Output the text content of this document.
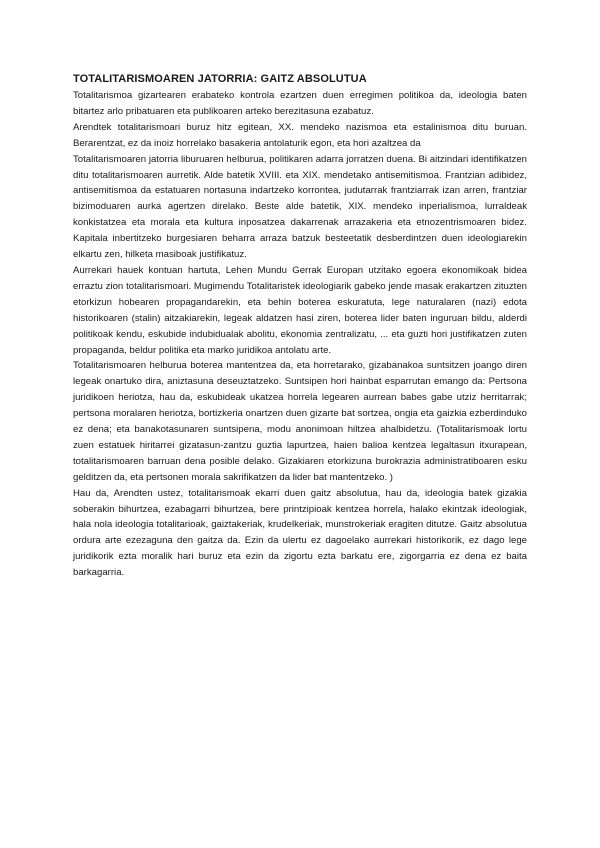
TOTALITARISMOAREN JATORRIA: GAITZ ABSOLUTUA

Totalitarismoa gizartearen erabateko kontrola ezartzen duen erregimen politikoa da, ideologia baten bitartez arlo pribatuaren eta publikoaren arteko berezitasuna ezabatuz.

Arendtek totalitarismoari buruz hitz egitean, XX. mendeko nazismoa eta estalinismoa ditu buruan. Berarentzat, ez da inoiz horrelako basakeria antolaturik egon, eta hori azaltzea da

Totalitarismoaren jatorria liburuaren helburua, politikaren adarra jorratzen duena. Bi aitzindari identifikatzen ditu totalitarismoaren aurretik. Alde batetik XVIII. eta XIX. mendetako antisemitismoa. Frantzian adibidez, antisemitismoa da estatuaren nortasuna indartzeko korrontea, judutarrak frantziarrak izan arren, frantziar bizimoduaren aurka agertzen direlako. Beste alde batetik, XIX. mendeko inperialismoa, lurraldeak konkistatzea eta morala eta kultura inposatzea dakarrenak arrazakeria eta etnozentrismoaren bidez. Kapitala inbertitzeko burgesiaren beharra arraza batzuk besteetatik desberdintzen duen ideologiarekin elkartu zen, hilketa masiboak justifikatuz.

Aurrekari hauek kontuan hartuta, Lehen Mundu Gerrak Europan utzitako egoera ekonomikoak bidea erraztu zion totalitarismoari. Mugimendu Totalitaristek ideologiarik gabeko jende masak erakartzen zituzten etorkizun hobearen propagandarekin, eta behin boterea eskuratuta, lege naturalaren (nazi) edota historikoaren (stalin) aitzakiarekin, legeak aldatzen hasi ziren, boterea lider baten inguruan bildu, alderdi politikoak kendu, eskubide indubidualak abolitu, ekonomia zentralizatu, ... eta guzti hori justifikatzen zuten propaganda, beldur politika eta marko juridikoa antolatu arte.

Totalitarismoaren helburua boterea mantentzea da, eta horretarako, gizabanakoa suntsitzen joango diren legeak onartuko dira, aniztasuna deseuztatzeko. Suntsipen hori hainbat esparrutan emango da: Pertsona juridikoen heriotza, hau da, eskubideak ukatzea horrela legearen aurrean babes gabe utziz herritarrak; pertsona moralaren heriotza, bortizkeria onartzen duen gizarte bat sortzea, ongia eta gaizkia ezberdinduko ez dena; eta banakotasunaren suntsipena, modu anonimoan hiltzea ahalbidetzu. (Totalitarismoak lortu zuen estatuek hiritarrei gizatasun-zantzu guztia lapurtzea, haien balioa kentzea legaltasun itxurapean, totalitarismoaren barruan dena posible delako. Gizakiaren etorkizuna burokrazia administratiboaren esku gelditzen da, eta pertsonen morala sakrifikatzen da lider bat mantentzeko. )

Hau da, Arendten ustez, totalitarismoak ekarri duen gaitz absolutua, hau da, ideologia batek gizakia soberakin bihurtzea, ezabagarri bihurtzea, bere printzipioak kentzea horrela, halako ekintzak ideologiak, hala nola ideologia totalitarioak, gaiztakeriak, krudelkeriak, munstrokeriak eragiten ditutze. Gaitz absolutua ordura arte ezezaguna den gaitza da. Ezin da ulertu ez dagoelako aurrekari historikorik, ez dago lege juridikorik ezta moralik hari buruz eta ezin da zigortu ezta barkatu ere, zigorgarria ez dena ez baita barkagarria.
